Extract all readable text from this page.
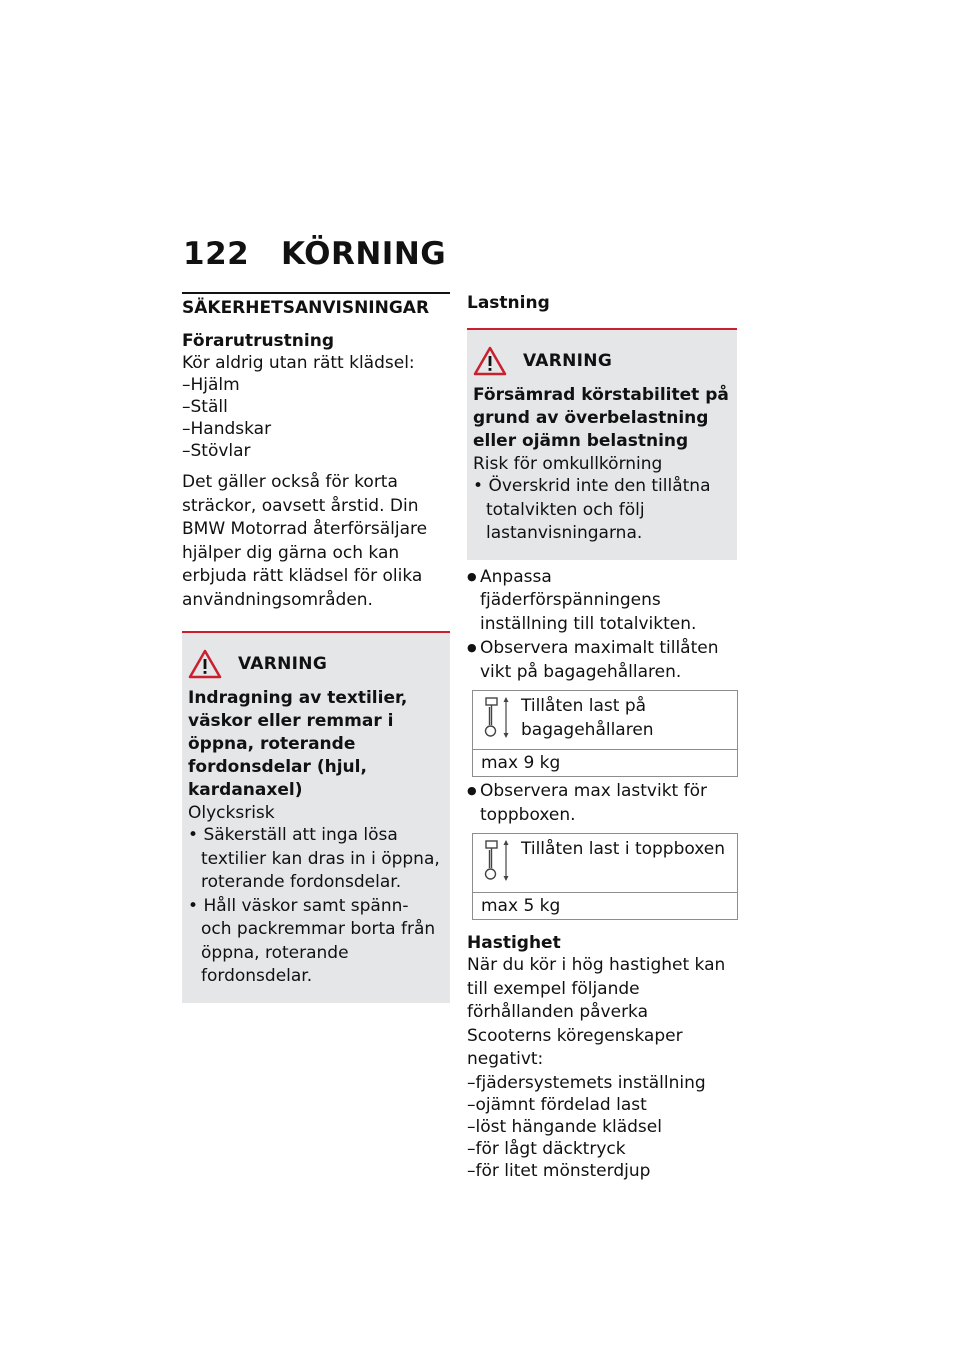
122 KÖRNING
SÄKERHETSANVISNINGAR
Förarutrustning
Kör aldrig utan rätt klädsel:
– Hjälm
– Ställ
– Handskar
– Stövlar
Det gäller också för korta sträckor, oavsett årstid. Din BMW Motorrad återförsäljare hjälper dig gärna och kan erbjuda rätt klädsel för olika användningsområden.
VARNING
Indragning av textilier, väskor eller remmar i öppna, roterande fordonsdelar (hjul, kardanaxel)
Olycksrisk
• Säkerställ att inga lösa textilier kan dras in i öppna, roterande fordonsdelar.
• Håll väskor samt spänn- och packremmar borta från öppna, roterande fordonsdelar.
Lastning
VARNING
Försämrad körstabilitet på grund av överbelastning eller ojämn belastning
Risk för omkullkörning
• Överskrid inte den tillåtna totalvikten och följ lastanvisningarna.
● Anpassa fjäderförspänningens inställning till totalvikten.
● Observera maximalt tillåten vikt på bagagehållaren.
Tillåten last på bagagehållaren
max 9 kg
● Observera max lastvikt för toppboxen.
Tillåten last i toppboxen
max 5 kg
Hastighet
När du kör i hög hastighet kan till exempel följande förhållanden påverka Scooterns köregenskaper negativt:
– fjädersystemets inställning
– ojämnt fördelad last
– löst hängande klädsel
– för lågt däcktryck
– för litet mönsterdjup
